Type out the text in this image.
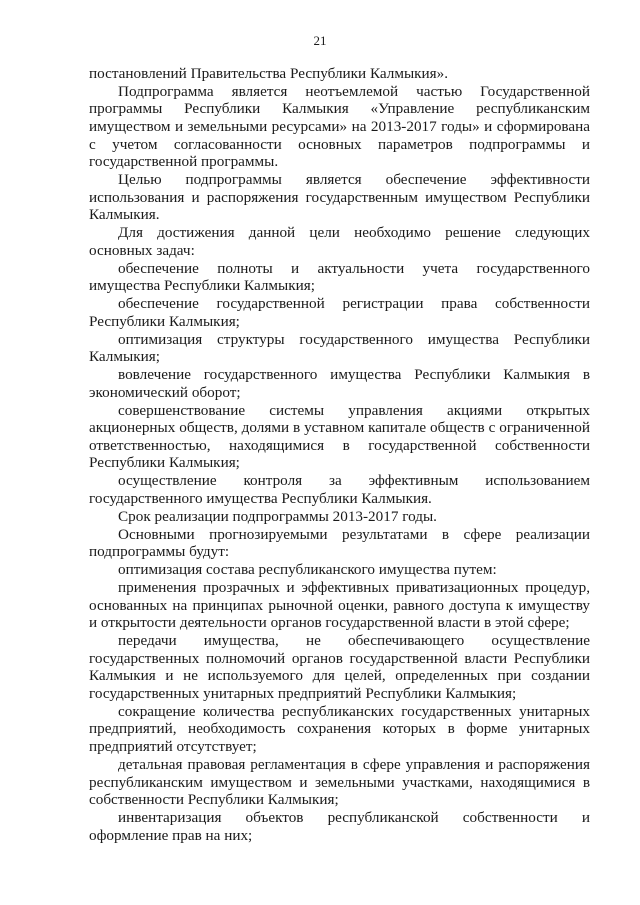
21

постановлений Правительства Республики Калмыкия».

Подпрограмма является неотъемлемой частью Государственной программы Республики Калмыкия «Управление республиканским имуществом и земельными ресурсами» на 2013-2017 годы» и сформирована с учетом согласованности основных параметров подпрограммы и государственной программы.

Целью подпрограммы является обеспечение эффективности использования и распоряжения государственным имуществом Республики Калмыкия.

Для достижения данной цели необходимо решение следующих основных задач:

обеспечение полноты и актуальности учета государственного имущества Республики Калмыкия;

обеспечение государственной регистрации права собственности Республики Калмыкия;

оптимизация структуры государственного имущества Республики Калмыкия;

вовлечение государственного имущества Республики Калмыкия в экономический оборот;

совершенствование системы управления акциями открытых акционерных обществ, долями в уставном капитале обществ с ограниченной ответственностью, находящимися в государственной собственности Республики Калмыкия;

осуществление контроля за эффективным использованием государственного имущества Республики Калмыкия.

Срок реализации подпрограммы 2013-2017 годы.

Основными прогнозируемыми результатами в сфере реализации подпрограммы будут:

оптимизация состава республиканского имущества путем:

применения прозрачных и эффективных приватизационных процедур, основанных на принципах рыночной оценки, равного доступа к имуществу и открытости деятельности органов государственной власти в этой сфере;

передачи имущества, не обеспечивающего осуществление государственных полномочий органов государственной власти Республики Калмыкия и не используемого для целей, определенных при создании государственных унитарных предприятий Республики Калмыкия;

сокращение количества республиканских государственных унитарных предприятий, необходимость сохранения которых в форме унитарных предприятий отсутствует;

детальная правовая регламентация в сфере управления и распоряжения республиканским имуществом и земельными участками, находящимися в собственности Республики Калмыкия;

инвентаризация объектов республиканской собственности и оформление прав на них;
